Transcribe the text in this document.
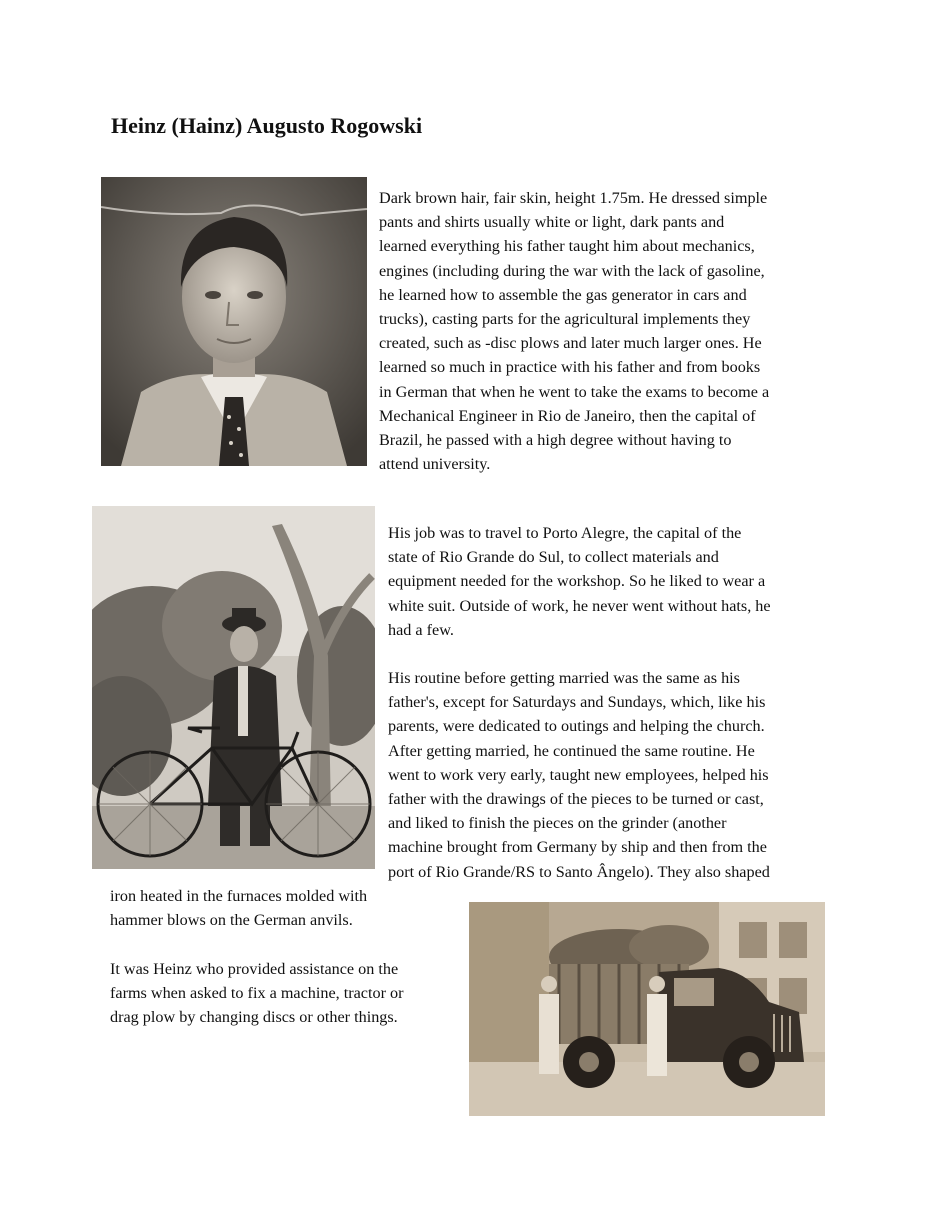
Heinz (Hainz) Augusto Rogowski
Dark brown hair, fair skin, height 1.75m. He dressed simple
pants and shirts usually white or light, dark pants and
learned everything his father taught him about mechanics,
engines (including during the war with the lack of gasoline,
he learned how to assemble the gas generator in cars and
trucks), casting parts for the agricultural implements they
created, such as -disc plows and later much larger ones. He
learned so much in practice with his father and from books
in German that when he went to take the exams to become a
Mechanical Engineer in Rio de Janeiro, then the capital of
Brazil, he passed with a high degree without having to
attend university.
His job was to travel to Porto Alegre, the capital of the
state of Rio Grande do Sul, to collect materials and
equipment needed for the workshop. So he liked to wear a
white suit. Outside of work, he never went without hats, he
had a few.
His routine before getting married was the same as his
father's, except for Saturdays and Sundays, which, like his
parents, were dedicated to outings and helping the church.
After getting married, he continued the same routine. He
went to work very early, taught new employees, helped his
father with the drawings of the pieces to be turned or cast,
and liked to finish the pieces on the grinder (another
machine brought from Germany by ship and then from the
port of Rio Grande/RS to Santo Ângelo). They also shaped
iron heated in the furnaces molded with
hammer blows on the German anvils.
It was Heinz who provided assistance on the
farms when asked to fix a machine, tractor or
drag plow by changing discs or other things.
